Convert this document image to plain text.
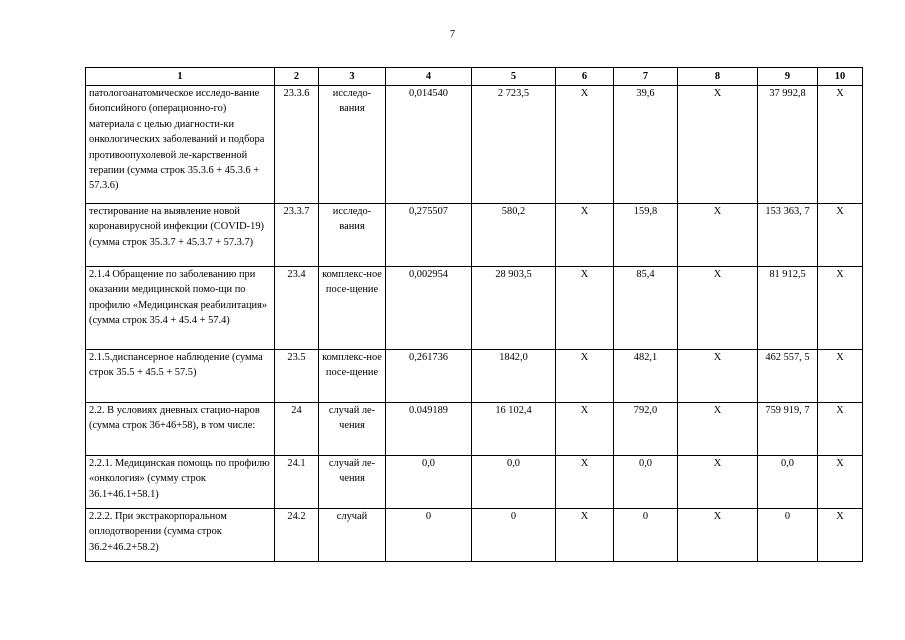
7
1	2	3	4	5	6	7	8	9	10
патологоанатомическое исследо-вание биопсийного (операционно-го) материала с целью диагности-ки онкологических заболеваний и подбора противоопухолевой ле-карственной терапии (сумма строк 35.3.6 + 45.3.6 + 57.3.6)	23.3.6	исследо-вания	0,014540	2 723,5	Х	39,6	Х	37 992,8	Х
тестирование на выявление новой коронавирусной инфекции (COVID-19) (сумма строк 35.3.7 + 45.3.7 + 57.3.7)	23.3.7	исследо-вания	0,275507	580,2	Х	159,8	Х	153 363, 7	Х
2.1.4 Обращение по заболеванию при оказании медицинской помо-щи по профилю «Медицинская реабилитация» (сумма строк 35.4 + 45.4 + 57.4)	23.4	комплекс-ное посе-щение	0,002954	28 903,5	Х	85,4	Х	81 912,5	Х
2.1.5.диспансерное наблюдение (сумма строк 35.5 + 45.5 + 57.5)	23.5	комплекс-ное посе-щение	0,261736	1842,0	Х	482,1	Х	462 557, 5	Х
2.2. В условиях дневных стацио-наров (сумма строк 36+46+58), в том числе:	24	случай ле-чения	0.049189	16 102,4	Х	792,0	Х	759 919, 7	Х
2.2.1. Медицинская помощь по профилю «онкология» (сумму строк 36.1+46.1+58.1)	24.1	случай ле-чения	0,0	0,0	Х	0,0	Х	0,0	Х
2.2.2. При экстракорпоральном оплодотворении (сумма строк 36.2+46.2+58.2)	24.2	случай	0	0	Х	0	Х	0	Х
